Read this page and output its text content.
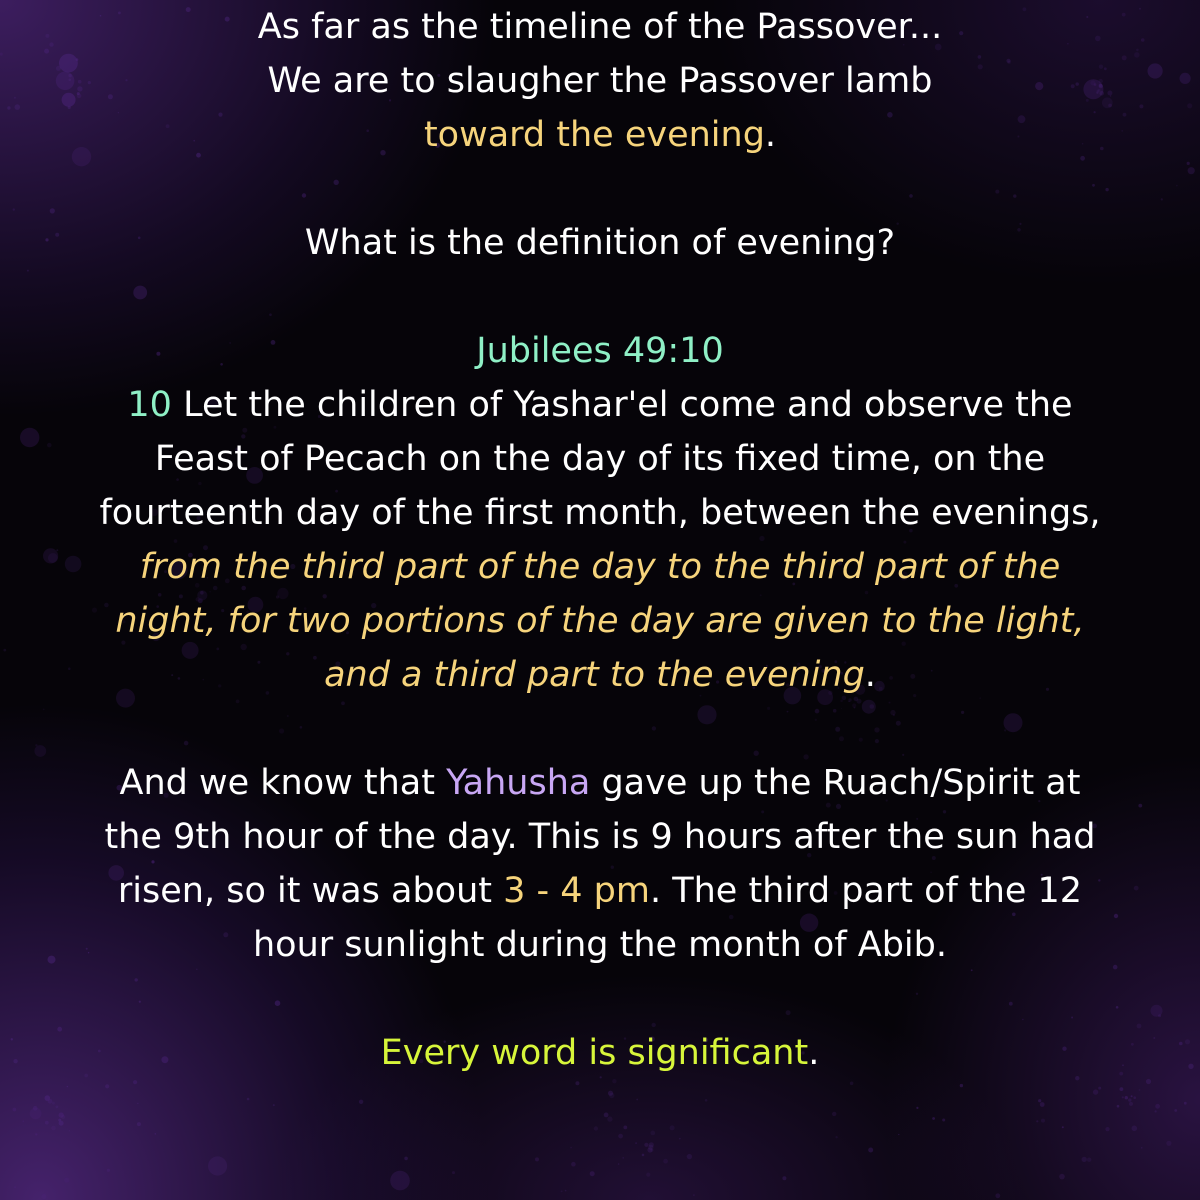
As far as the timeline of the Passover...
We are to slaugher the Passover lamb
toward the evening.
What is the definition of evening?
Jubilees 49:10
10 Let the children of Yashar'el come and observe the
Feast of Pecach on the day of its fixed time, on the
fourteenth day of the first month, between the evenings,
from the third part of the day to the third part of the
night, for two portions of the day are given to the light,
and a third part to the evening.
And we know that Yahusha gave up the Ruach/Spirit at
the 9th hour of the day. This is 9 hours after the sun had
risen, so it was about 3 - 4 pm. The third part of the 12
hour sunlight during the month of Abib.
Every word is significant.
